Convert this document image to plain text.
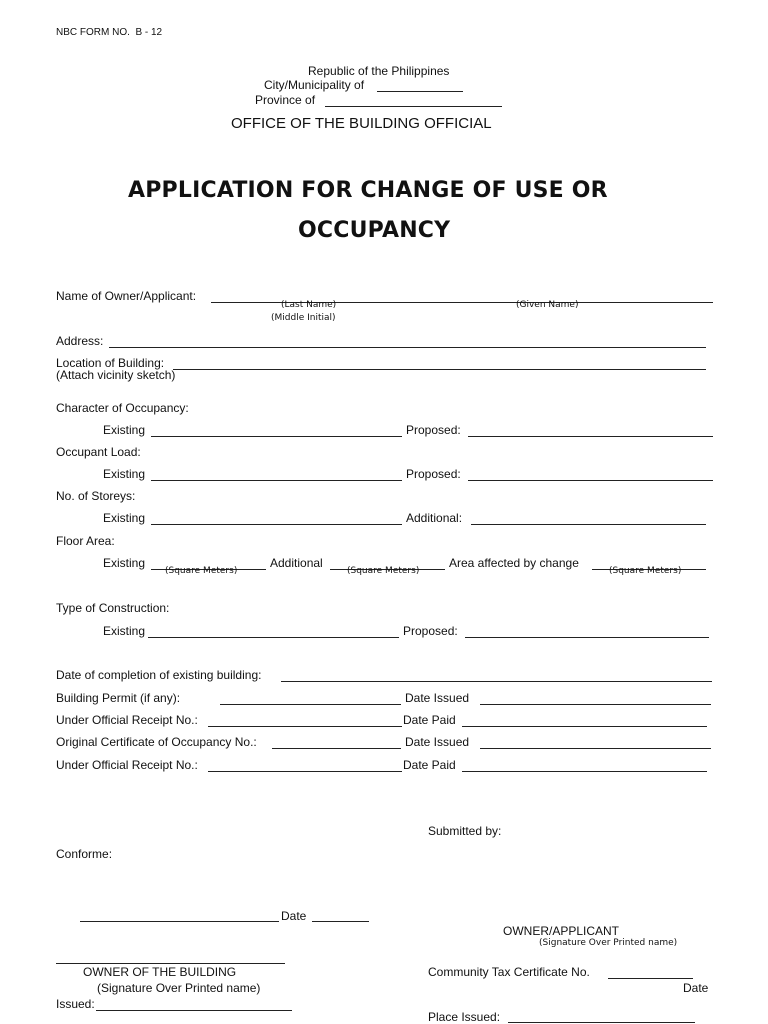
NBC FORM NO.  B - 12
Republic of the Philippines
City/Municipality of
Province of
OFFICE OF THE BUILDING OFFICIAL
APPLICATION FOR CHANGE OF USE OR
OCCUPANCY
Name of Owner/Applicant:
(Last Name)	(Given Name)
(Middle Initial)
Address:
Location of Building:
(Attach vicinity sketch)
Character of Occupancy:
Existing	Proposed:
Occupant Load:
Existing	Proposed:
No. of Storeys:
Existing	Additional:
Floor Area:
Existing
(Square Meters)
Additional
(Square Meters)
Area affected by change
(Square Meters)
Type of Construction:
Existing	Proposed:
Date of completion of existing building:
Building Permit (if any):	Date Issued
Under Official Receipt No.:	Date Paid
Original Certificate of Occupancy No.:	Date Issued
Under Official Receipt No.:	Date Paid
Submitted by:
Conforme:
Date
OWNER/APPLICANT
(Signature Over Printed name)
OWNER OF THE BUILDING
(Signature Over Printed name)
Community Tax Certificate No.
Date
Issued:
Place Issued:
